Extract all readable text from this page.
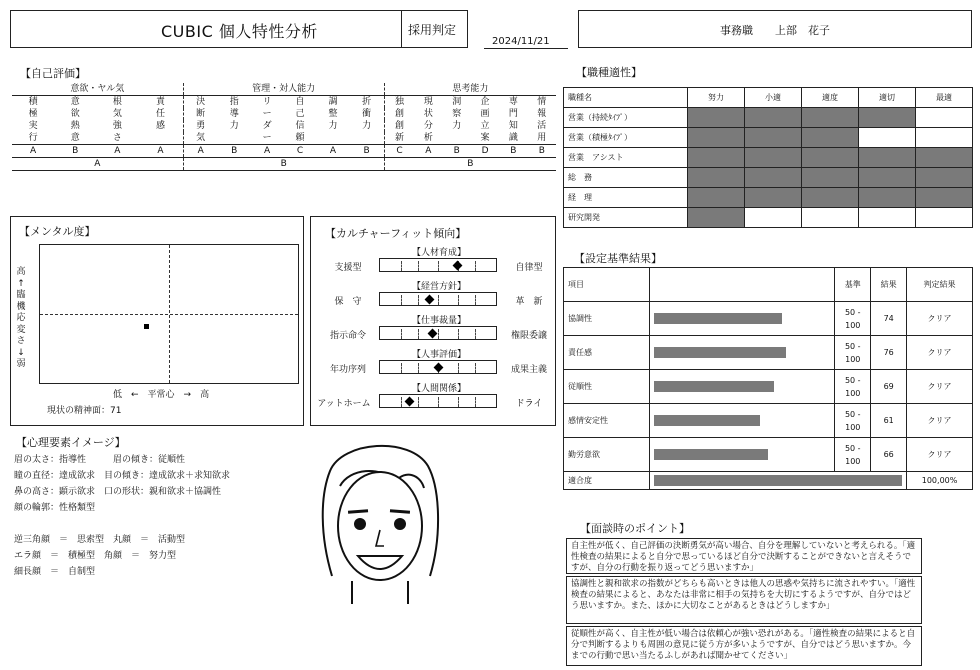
CUBIC 個人特性分析	採用判定
2024/11/21
事務職　　上部　花子
【自己評価】
意欲・ヤル気				管理・対人能力						思考能力					
積	意	根	責	決	指	リ	自	調	折	独	現	洞	企	専	情
極	欲	気	任	断	導	ー	己	整	衝	創	状	察	画	門	報
実	熱	強	感	勇	力	ダ	信	力	力	創	分	力	立	知	活
行	意	さ		気		ー	頼			新	析		案	識	用
A	B	A	A	A	B	A	C	A	B	C	A	B	D	B	B
A				B						B					
【メンタル度】
高
↑
臨
機
応
変
さ
↓
弱
低　←　平常心　→　高
現状の精神面：71
【カルチャーフィット傾向】
【人材育成】
支援型	自律型
【経営方針】
保　守	革　新
【仕事裁量】
指示命令	権限委譲
【人事評価】
年功序列	成果主義
【人間関係】
アットホーム	ドライ
【心理要素イメージ】
眉の太さ：指導性　　　眉の傾き：従順性
瞳の直径：達成欲求　目の傾き：達成欲求＋求知欲求
鼻の高さ：顕示欲求　口の形状：親和欲求＋協調性
顔の輪郭：性格類型

逆三角顔　＝　思索型　丸顔　＝　活動型
エラ顔　＝　積極型　角顔　＝　努力型
細長顔　＝　自制型
【職種適性】
職種名	努力	小適	適度	適切	最適
営業（持続ﾀｲﾌﾟ）					
営業（積極ﾀｲﾌﾟ）					
営業　アシスト					
総　務					
経　理					
研究開発					
【設定基準結果】
項目		基準	結果	判定結果
協調性		50 - 100	74	クリア
責任感		50 - 100	76	クリア
従順性		50 - 100	69	クリア
感情安定性		50 - 100	61	クリア
勤労意欲		50 - 100	66	クリア
適合度				100,00%
【面談時のポイント】
自主性が低く、自己評価の決断勇気が高い場合、自分を理解していないと考えられる。「適性検査の結果によると自分で思っているほど自分で決断することができないと言えそうですが、自分の行動を振り返ってどう思いますか」
協調性と親和欲求の指数がどちらも高いときは他人の思惑や気持ちに流されやすい。「適性検査の結果によると、あなたは非常に相手の気持ちを大切にするようですが、自分ではどう思いますか。また、ほかに大切なことがあるときはどうしますか」
従順性が高く、自主性が低い場合は依頼心が強い恐れがある。「適性検査の結果によると自分で判断するよりも周囲の意見に従う方が多いようですが、自分ではどう思いますか。今までの行動で思い当たるふしがあれば聞かせてください」
